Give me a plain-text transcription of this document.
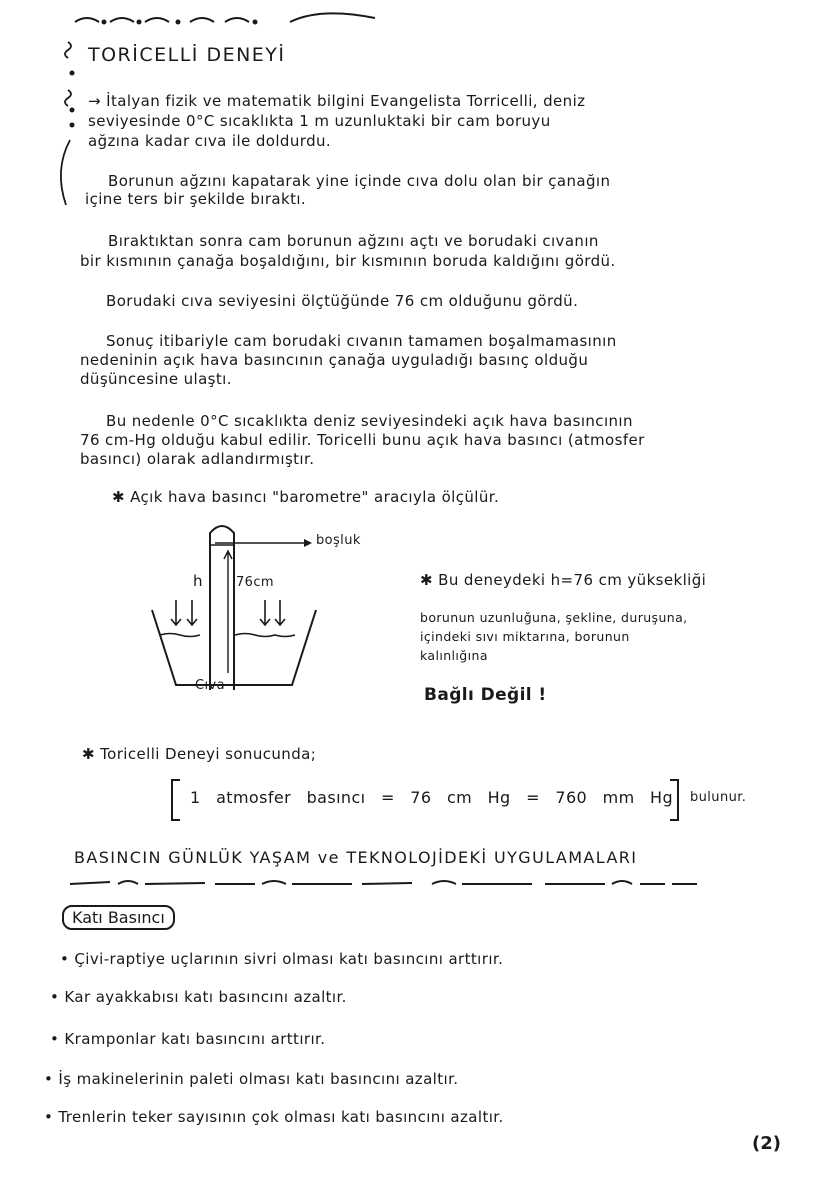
TORİCELLİ DENEYİ
→ İtalyan fizik ve matematik bilgini Evangelista Torricelli, deniz
seviyesinde 0°C sıcaklıkta 1 m uzunluktaki bir cam boruyu
ağzına kadar cıva ile doldurdu.
Borunun ağzını kapatarak yine içinde cıva dolu olan bir çanağın
içine ters bir şekilde bıraktı.
Bıraktıktan sonra cam borunun ağzını açtı ve borudaki cıvanın
bir kısmının çanağa boşaldığını, bir kısmının boruda kaldığını gördü.
Borudaki cıva seviyesini ölçtüğünde 76 cm olduğunu gördü.
Sonuç itibariyle cam borudaki cıvanın tamamen boşalmamasının
nedeninin açık hava basıncının çanağa uyguladığı basınç olduğu
düşüncesine ulaştı.
Bu nedenle 0°C sıcaklıkta deniz seviyesindeki açık hava basıncının
76 cm-Hg olduğu kabul edilir. Toricelli bunu açık hava basıncı (atmosfer
basıncı) olarak adlandırmıştır.
✱ Açık hava basıncı "barometre" aracıyla ölçülür.
boşluk
h	76cm
Cıva
✱ Bu deneydeki h=76 cm yüksekliği
borunun uzunluğuna, şekline, duruşuna,
içindeki sıvı miktarına, borunun
kalınlığına
Bağlı Değil !
✱ Toricelli Deneyi sonucunda;
1 atmosfer basıncı = 76 cm Hg = 760 mm Hg bulunur.
BASINCIN GÜNLÜK YAŞAM ve TEKNOLOJİDEKİ UYGULAMALARI
Katı Basıncı
• Çivi-raptiye uçlarının sivri olması katı basıncını arttırır.
• Kar ayakkabısı katı basıncını azaltır.
• Kramponlar katı basıncını arttırır.
• İş makinelerinin paleti olması katı basıncını azaltır.
• Trenlerin teker sayısının çok olması katı basıncını azaltır.
(2)
